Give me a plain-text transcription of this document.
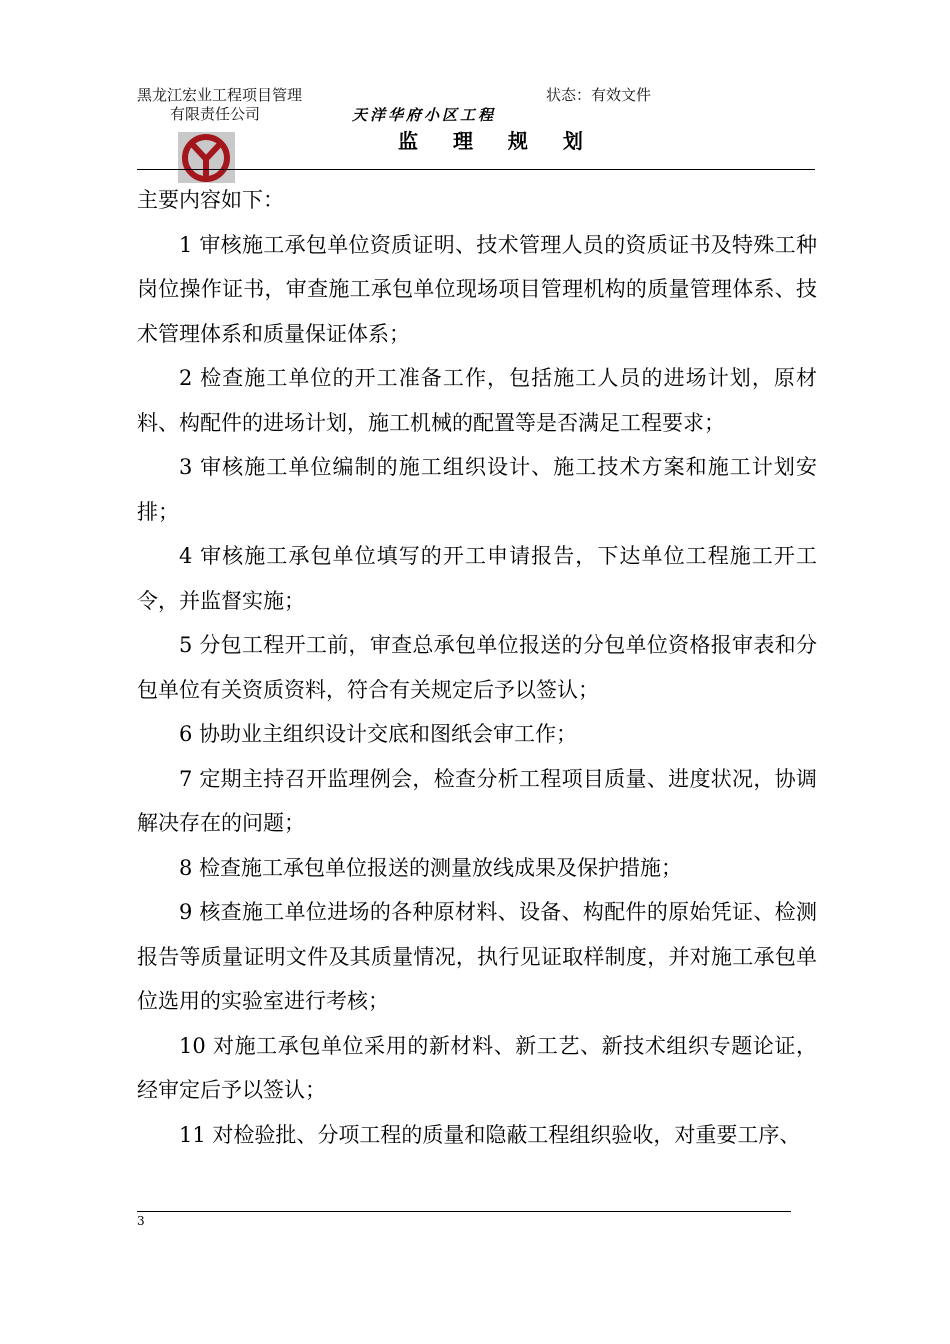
黑龙江宏业工程项目管理
有限责任公司
状态：有效文件
天洋华府小区工程
监 理 规 划

主要内容如下：

1 审核施工承包单位资质证明、技术管理人员的资质证书及特殊工种岗位操作证书，审查施工承包单位现场项目管理机构的质量管理体系、技术管理体系和质量保证体系；

2 检查施工单位的开工准备工作，包括施工人员的进场计划，原材料、构配件的进场计划，施工机械的配置等是否满足工程要求；

3 审核施工单位编制的施工组织设计、施工技术方案和施工计划安排；

4 审核施工承包单位填写的开工申请报告，下达单位工程施工开工令，并监督实施；

5 分包工程开工前，审查总承包单位报送的分包单位资格报审表和分包单位有关资质资料，符合有关规定后予以签认；

6 协助业主组织设计交底和图纸会审工作；

7 定期主持召开监理例会，检查分析工程项目质量、进度状况，协调解决存在的问题；

8 检查施工承包单位报送的测量放线成果及保护措施；

9 核查施工单位进场的各种原材料、设备、构配件的原始凭证、检测报告等质量证明文件及其质量情况，执行见证取样制度，并对施工承包单位选用的实验室进行考核；

10 对施工承包单位采用的新材料、新工艺、新技术组织专题论证，经审定后予以签认；

11 对检验批、分项工程的质量和隐蔽工程组织验收，对重要工序、

3
